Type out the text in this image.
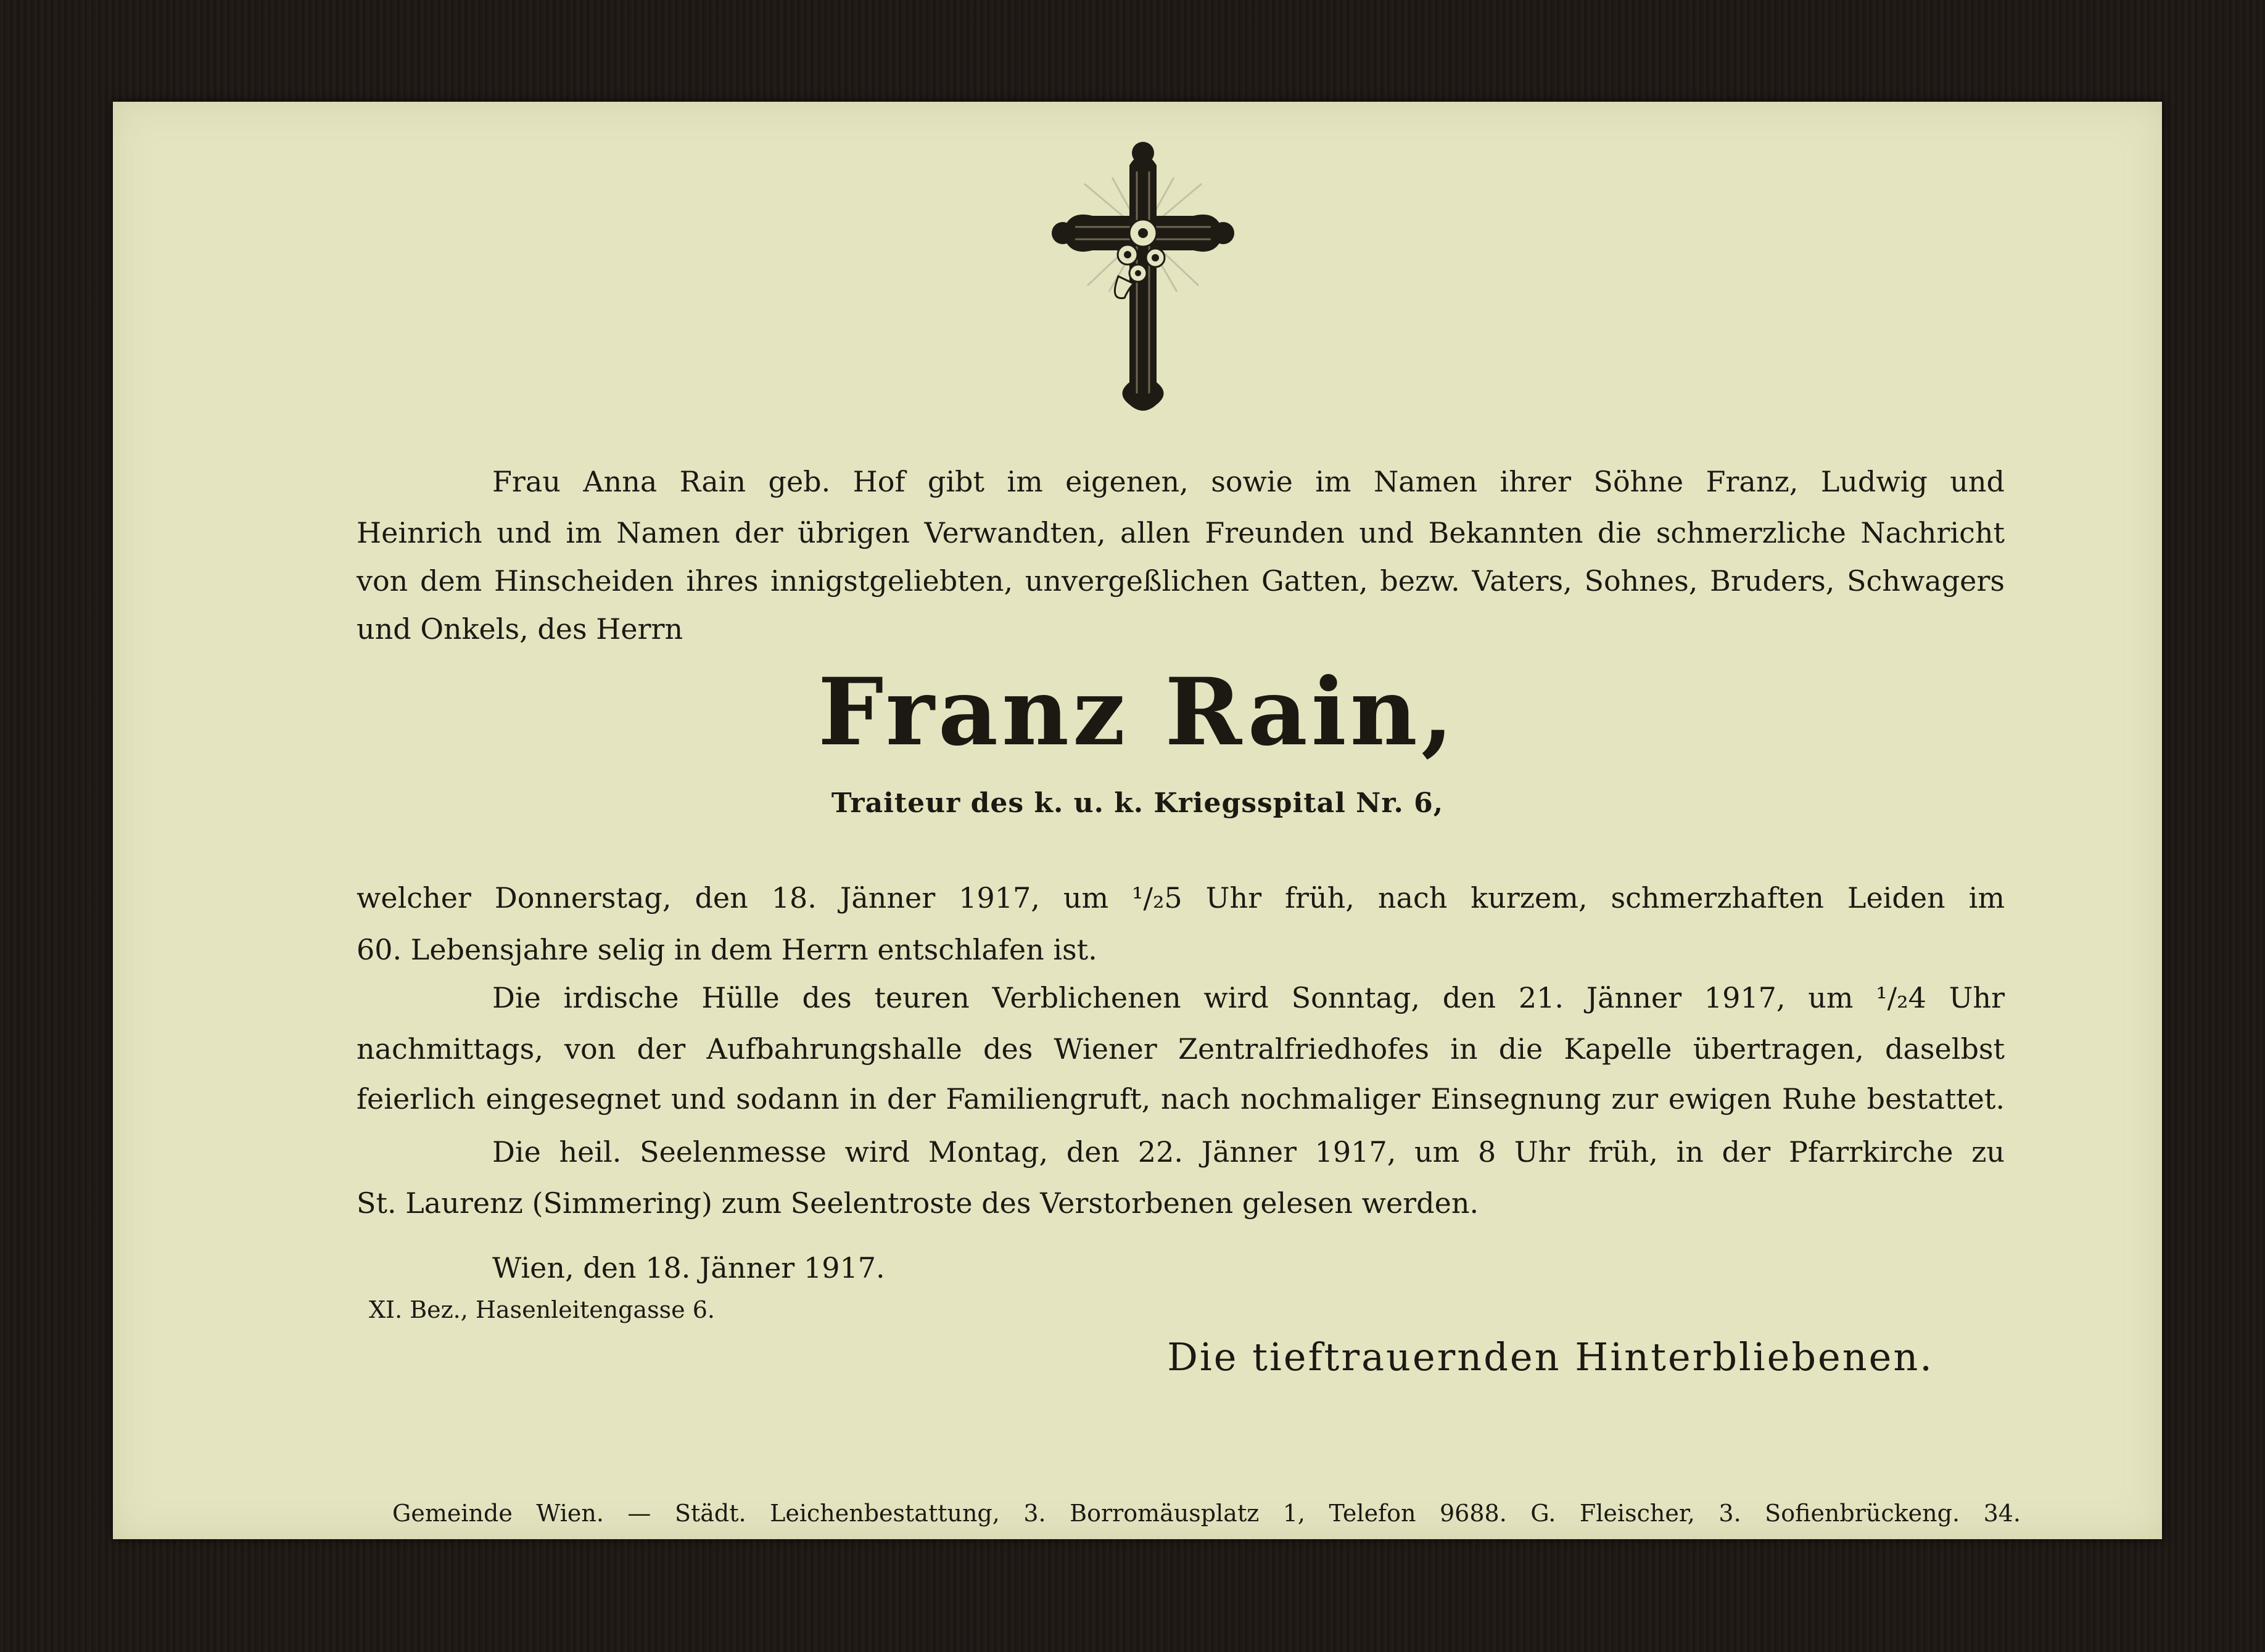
Frau Anna Rain geb. Hof gibt im eigenen, sowie im Namen ihrer Söhne Franz, Ludwig und

Heinrich und im Namen der übrigen Verwandten, allen Freunden und Bekannten die schmerzliche Nachricht

von dem Hinscheiden ihres innigstgeliebten, unvergeßlichen Gatten, bezw. Vaters, Sohnes, Bruders, Schwagers

und Onkels, des Herrn

Franz Rain,
Traiteur des k. u. k. Kriegsspital Nr. 6,

welcher Donnerstag, den 18. Jänner 1917, um ¹/₂5 Uhr früh, nach kurzem, schmerzhaften Leiden im

60. Lebensjahre selig in dem Herrn entschlafen ist.

Die irdische Hülle des teuren Verblichenen wird Sonntag, den 21. Jänner 1917, um ¹/₂4 Uhr

nachmittags, von der Aufbahrungshalle des Wiener Zentralfriedhofes in die Kapelle übertragen, daselbst

feierlich eingesegnet und sodann in der Familiengruft, nach nochmaliger Einsegnung zur ewigen Ruhe bestattet.

Die heil. Seelenmesse wird Montag, den 22. Jänner 1917, um 8 Uhr früh, in der Pfarrkirche zu

St. Laurenz (Simmering) zum Seelentroste des Verstorbenen gelesen werden.

Wien, den 18. Jänner 1917.

XI. Bez., Hasenleitengasse 6.
Die tieftrauernden Hinterbliebenen.
Gemeinde Wien. — Städt. Leichenbestattung, 3. Borromäusplatz 1, Telefon 9688. G. Fleischer, 3. Sofienbrückeng. 34.
